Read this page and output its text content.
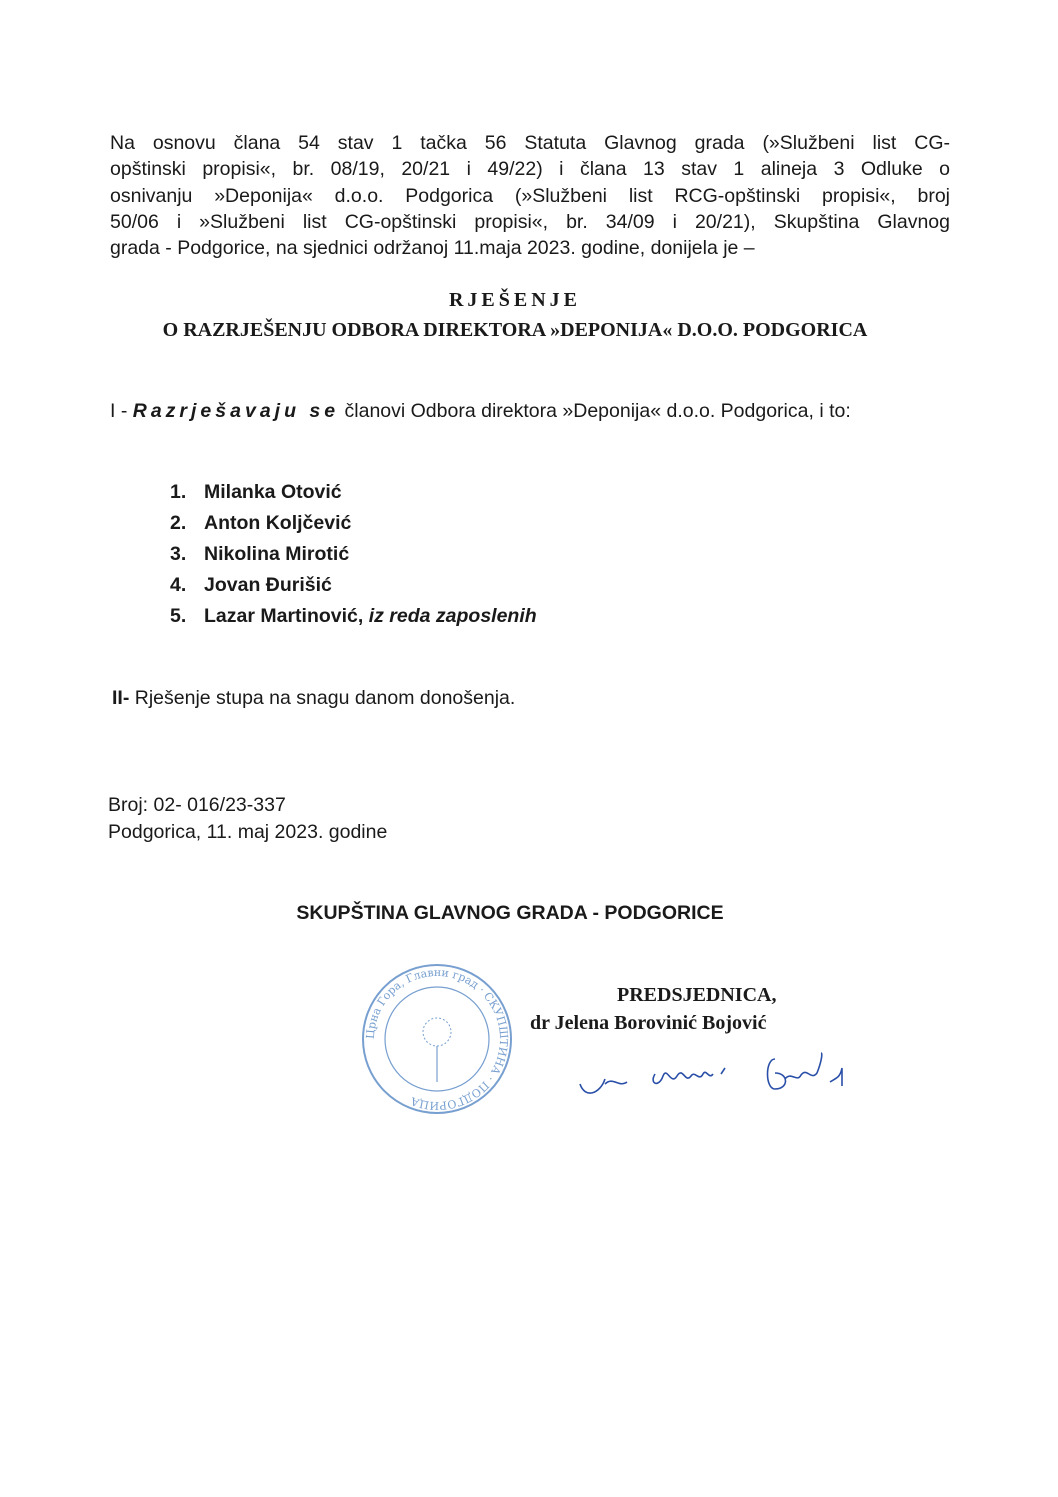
Na osnovu člana 54 stav 1 tačka 56 Statuta Glavnog grada (»Službeni list CG-
opštinski propisi«, br. 08/19, 20/21 i 49/22) i člana 13 stav 1 alineja 3 Odluke o
osnivanju »Deponija« d.o.o. Podgorica (»Službeni list RCG-opštinski propisi«, broj
50/06 i »Službeni list CG-opštinski propisi«, br. 34/09 i 20/21), Skupština Glavnog
grada - Podgorice, na sjednici održanoj 11.maja 2023. godine, donijela je –
RJEŠENJE
O RAZRJEŠENJU ODBORA DIREKTORA »DEPONIJA« D.O.O. PODGORICA
I - Razrješavaju se članovi Odbora direktora »Deponija« d.o.o. Podgorica, i to:
1. Milanka Otović
2. Anton Koljčević
3. Nikolina Mirotić
4. Jovan Đurišić
5. Lazar Martinović, iz reda zaposlenih
II- Rješenje stupa na snagu danom donošenja.
Broj: 02- 016/23-337
Podgorica, 11. maj 2023. godine
SKUPŠTINA GLAVNOG GRADA - PODGORICE
Црна Гора, Главни град · СКУПШТИНА · ПОДГОРИЦА
PREDSJEDNICA,
dr Jelena Borovinić Bojović
